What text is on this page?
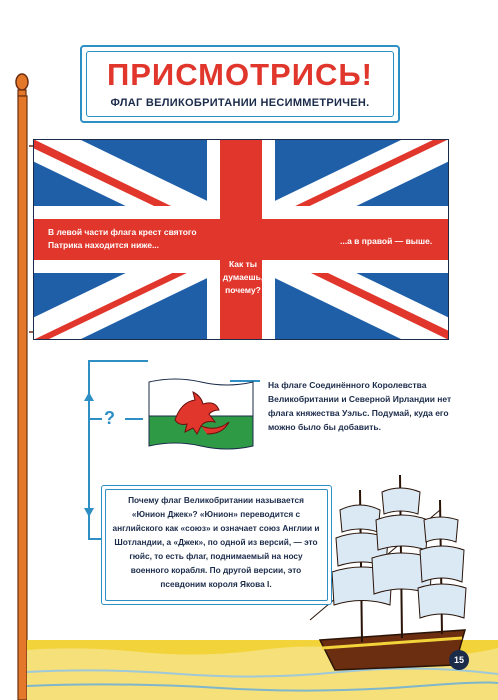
ПРИСМОТРИСЬ!
ФЛАГ ВЕЛИКОБРИТАНИИ НЕСИММЕТРИЧЕН.
В левой части флага крест святого Патрика находится ниже...	...а в правой — выше.
Как ты думаешь, почему?
?
На флаге Соединённого Королевства Великобритании и Северной Ирландии нет флага княжества Уэльс. Подумай, куда его можно было бы добавить.
Почему флаг Великобритании называется «Юнион Джек»? «Юнион» переводится с английского как «союз» и означает союз Англии и Шотландии, а «Джек», по одной из версий, — это гюйс, то есть флаг, поднимаемый на носу военного корабля. По другой версии, это псевдоним короля Якова I.
15
